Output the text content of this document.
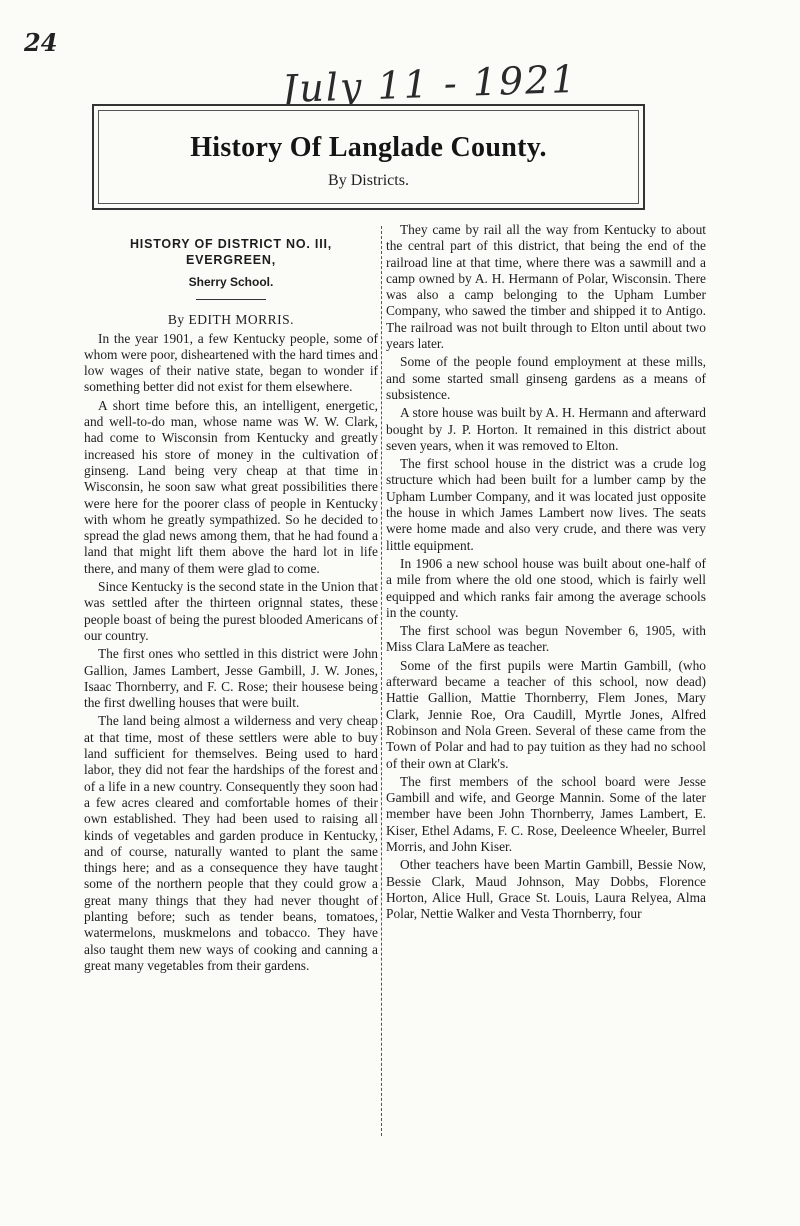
24
July 11 - 1921
History Of Langlade County.
By Districts.
HISTORY OF DISTRICT NO. III,
EVERGREEN,
Sherry School.
By EDITH MORRIS.

In the year 1901, a few Kentucky people, some of whom were poor, disheartened with the hard times and low wages of their native state, began to wonder if something better did not exist for them elsewhere.

A short time before this, an intelligent, energetic, and well-to-do man, whose name was W. W. Clark, had come to Wisconsin from Kentucky and greatly increased his store of money in the cultivation of ginseng. Land being very cheap at that time in Wisconsin, he soon saw what great possibilities there were here for the poorer class of people in Kentucky with whom he greatly sympathized. So he decided to spread the glad news among them, that he had found a land that might lift them above the hard lot in life there, and many of them were glad to come.

Since Kentucky is the second state in the Union that was settled after the thirteen orignnal states, these people boast of being the purest blooded Americans of our country.

The first ones who settled in this district were John Gallion, James Lambert, Jesse Gambill, J. W. Jones, Isaac Thornberry, and F. C. Rose; their housese being the first dwelling houses that were built.

The land being almost a wilderness and very cheap at that time, most of these settlers were able to buy land sufficient for themselves. Being used to hard labor, they did not fear the hardships of the forest and of a life in a new country. Consequently they soon had a few acres cleared and comfortable homes of their own established. They had been used to raising all kinds of vegetables and garden produce in Kentucky, and of course, naturally wanted to plant the same things here; and as a consequence they have taught some of the northern people that they could grow a great many things that they had never thought of planting before; such as tender beans, tomatoes, watermelons, muskmelons and tobacco. They have also taught them new ways of cooking and canning a great many vegetables from their gardens.

They came by rail all the way from Kentucky to about the central part of this district, that being the end of the railroad line at that time, where there was a sawmill and a camp owned by A. H. Hermann of Polar, Wisconsin. There was also a camp belonging to the Upham Lumber Company, who sawed the timber and shipped it to Antigo. The railroad was not built through to Elton until about two years later.

Some of the people found employment at these mills, and some started small ginseng gardens as a means of subsistence.

A store house was built by A. H. Hermann and afterward bought by J. P. Horton. It remained in this district about seven years, when it was removed to Elton.

The first school house in the district was a crude log structure which had been built for a lumber camp by the Upham Lumber Company, and it was located just opposite the house in which James Lambert now lives. The seats were home made and also very crude, and there was very little equipment.

In 1906 a new school house was built about one-half of a mile from where the old one stood, which is fairly well equipped and which ranks fair among the average schools in the county.

The first school was begun November 6, 1905, with Miss Clara LaMere as teacher.

Some of the first pupils were Martin Gambill, (who afterward became a teacher of this school, now dead) Hattie Gallion, Mattie Thornberry, Flem Jones, Mary Clark, Jennie Roe, Ora Caudill, Myrtle Jones, Alfred Robinson and Nola Green. Several of these came from the Town of Polar and had to pay tuition as they had no school of their own at Clark's.

The first members of the school board were Jesse Gambill and wife, and George Mannin. Some of the later member have been John Thornberry, James Lambert, E. Kiser, Ethel Adams, F. C. Rose, Deeleence Wheeler, Burrel Morris, and John Kiser.

Other teachers have been Martin Gambill, Bessie Now, Bessie Clark, Maud Johnson, May Dobbs, Florence Horton, Alice Hull, Grace St. Louis, Laura Relyea, Alma Polar, Nettie Walker and Vesta Thornberry, four
